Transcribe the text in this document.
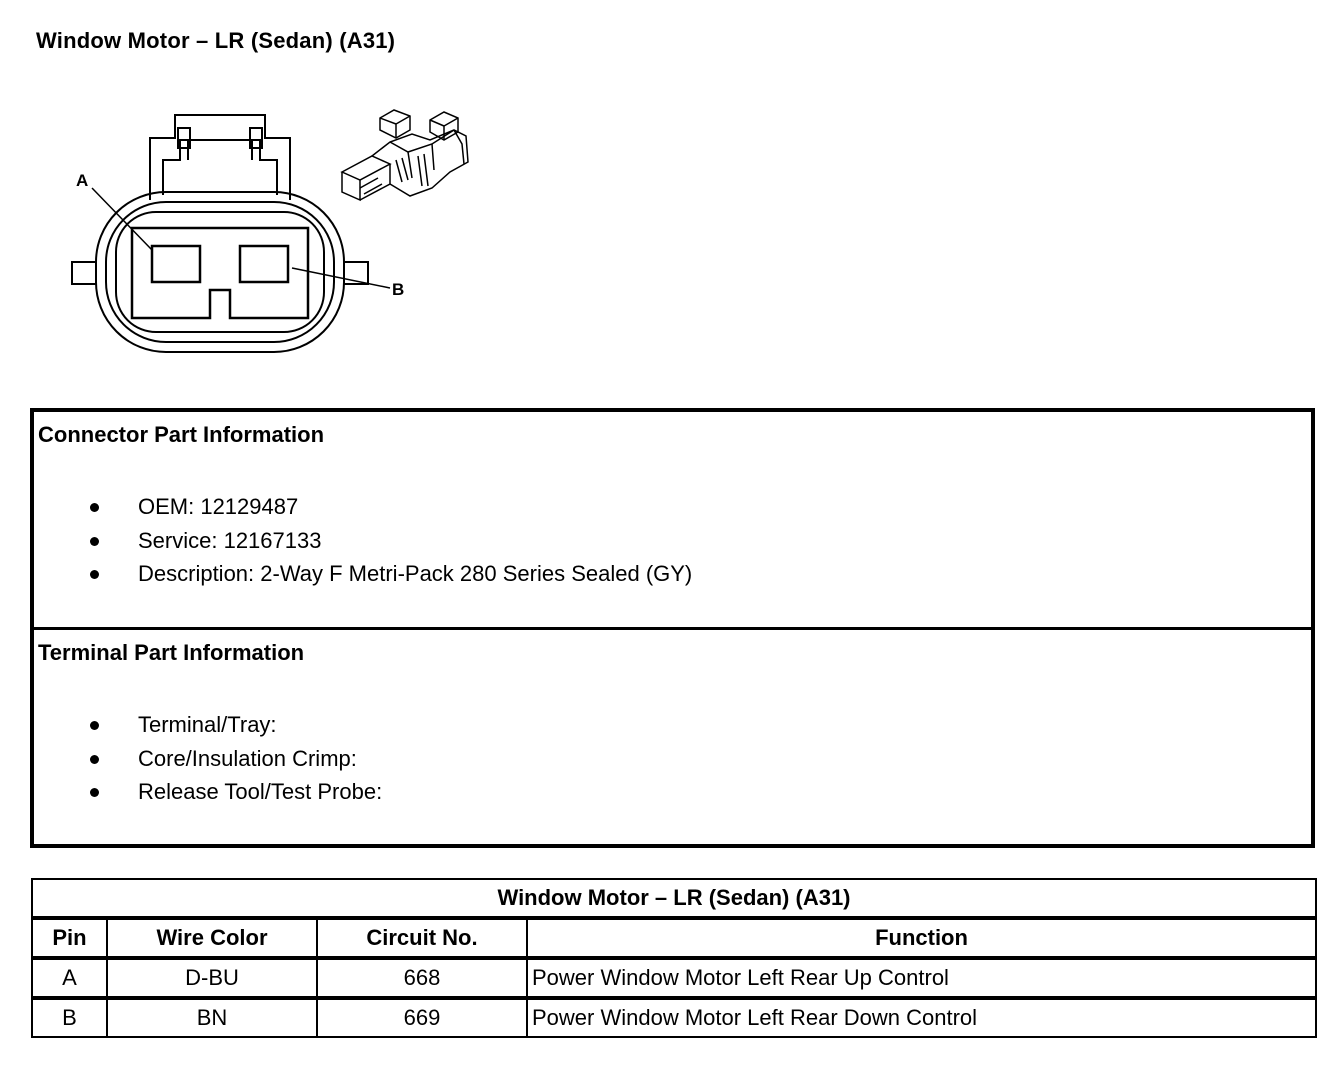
Window Motor – LR (Sedan) (A31)
A
B
Connector Part Information
OEM: 12129487
Service: 12167133
Description: 2-Way F Metri-Pack 280 Series Sealed (GY)
Terminal Part Information
Terminal/Tray:
Core/Insulation Crimp:
Release Tool/Test Probe:
Window Motor – LR (Sedan) (A31)			
Pin	Wire Color	Circuit No.	Function
A	D-BU	668	Power Window Motor Left Rear Up Control
B	BN	669	Power Window Motor Left Rear Down Control
